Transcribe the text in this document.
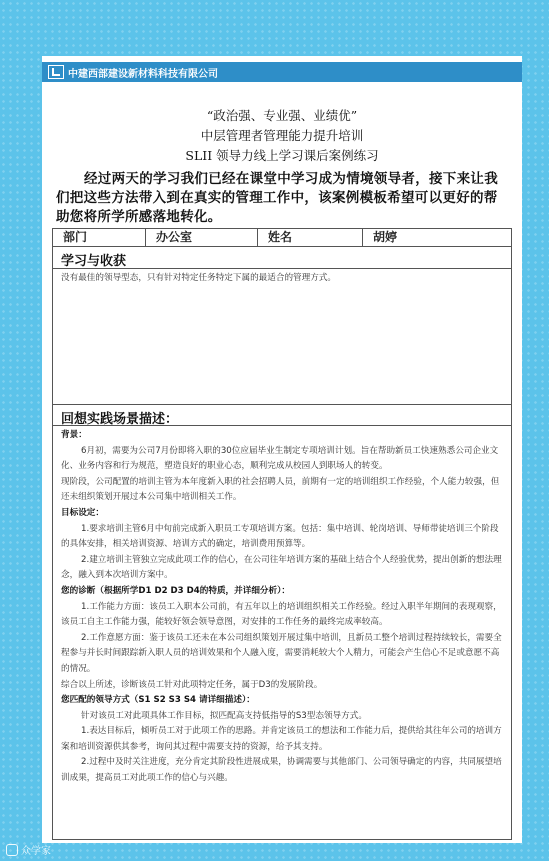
中建西部建设新材料科技有限公司
“政治强、专业强、业绩优”
中层管理者管理能力提升培训
SLII 领导力线上学习课后案例练习
经过两天的学习我们已经在课堂中学习成为情境领导者，接下来让我们把这些方法带入到在真实的管理工作中，该案例模板希望可以更好的帮助您将所学所感落地转化。
部门	办公室	姓名	胡婷
学习与收获
没有最佳的领导型态，只有针对特定任务特定下属的最适合的管理方式。
回想实践场景描述：

背景：

6月初，需要为公司7月份即将入职的30位应届毕业生制定专项培训计划。旨在帮助新员工快速熟悉公司企业文化、业务内容和行为规范，塑造良好的职业心态，顺利完成从校园人到职场人的转变。

现阶段，公司配置的培训主管为本年度新入职的社会招聘人员，前期有一定的培训组织工作经验，个人能力较强，但还未组织策划开展过本公司集中培训相关工作。

目标设定：

1.要求培训主管6月中旬前完成新入职员工专项培训方案。包括：集中培训、轮岗培训、导师带徒培训三个阶段的具体安排，相关培训资源、培训方式的确定，培训费用预算等。

2.建立培训主管独立完成此项工作的信心，在公司往年培训方案的基础上结合个人经验优势，提出创新的想法理念，融入到本次培训方案中。

您的诊断（根据所学D1 D2 D3 D4的特质，并详细分析）：

1.工作能力方面：该员工入职本公司前，有五年以上的培训组织相关工作经验。经过入职半年期间的表现观察，该员工自主工作能力强，能较好领会领导意图，对安排的工作任务的最终完成率较高。

2.工作意愿方面：鉴于该员工还未在本公司组织策划开展过集中培训，且新员工整个培训过程持续较长，需要全程参与并长时间跟踪新入职人员的培训效果和个人融入度，需要消耗较大个人精力，可能会产生信心不足或意愿不高的情况。

综合以上所述，诊断该员工针对此项特定任务，属于D3的发展阶段。

您匹配的领导方式（S1 S2 S3 S4 请详细描述）：

针对该员工对此项具体工作目标，拟匹配高支持低指导的S3型态领导方式。

1.表达目标后，倾听员工对于此项工作的思路。并肯定该员工的想法和工作能力后，提供给其往年公司的培训方案和培训资源供其参考，询问其过程中需要支持的资源，给予其支持。

2.过程中及时关注进度，充分肯定其阶段性进展成果，协调需要与其他部门、公司领导确定的内容，共同展望培训成果，提高员工对此项工作的信心与兴趣。

众学家
